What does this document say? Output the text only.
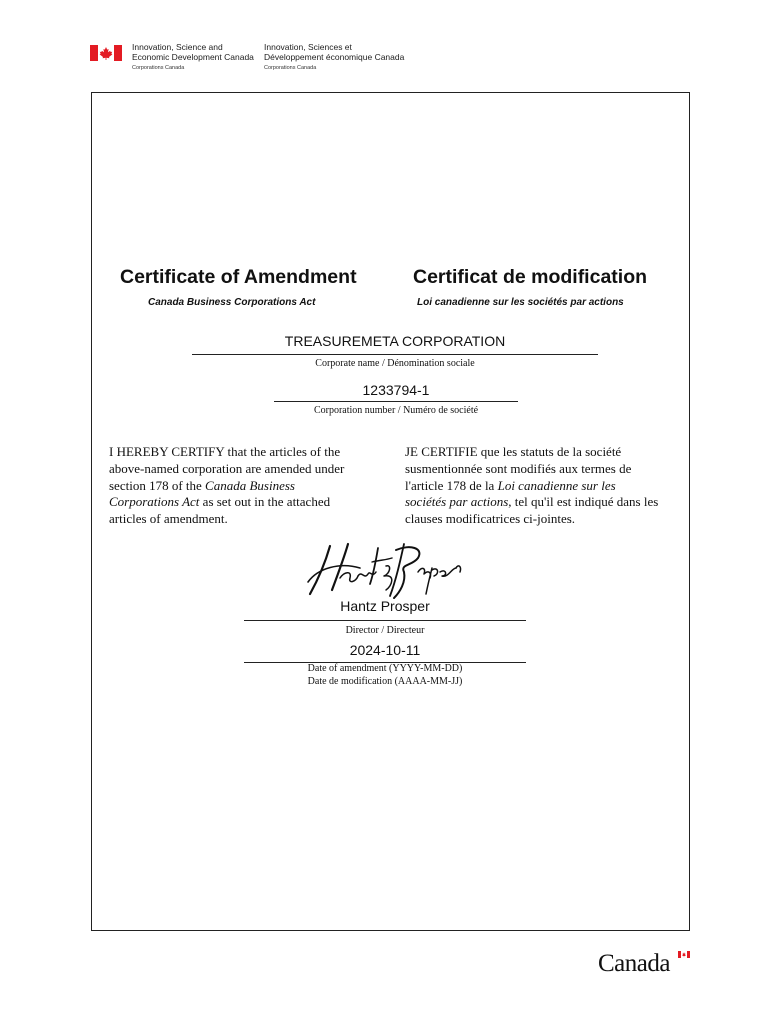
Innovation, Science and
Economic Development Canada
Corporations Canada
Innovation, Sciences et
Développement économique Canada
Corporations Canada
Certificate of Amendment	Certificat de modification
Canada Business Corporations Act	Loi canadienne sur les sociétés par actions
TREASUREMETA CORPORATION
Corporate name / Dénomination sociale
1233794-1
Corporation number / Numéro de société
I HEREBY CERTIFY that the articles of the
above-named corporation are amended under
section 178 of the Canada Business
Corporations Act as set out in the attached
articles of amendment.
JE CERTIFIE que les statuts de la société
susmentionnée sont modifiés aux termes de
l'article 178 de la Loi canadienne sur les
sociétés par actions, tel qu'il est indiqué dans les
clauses modificatrices ci-jointes.
Hantz Prosper
Director / Directeur
2024-10-11
Date of amendment (YYYY-MM-DD)
Date de modification (AAAA-MM-JJ)
Canada
